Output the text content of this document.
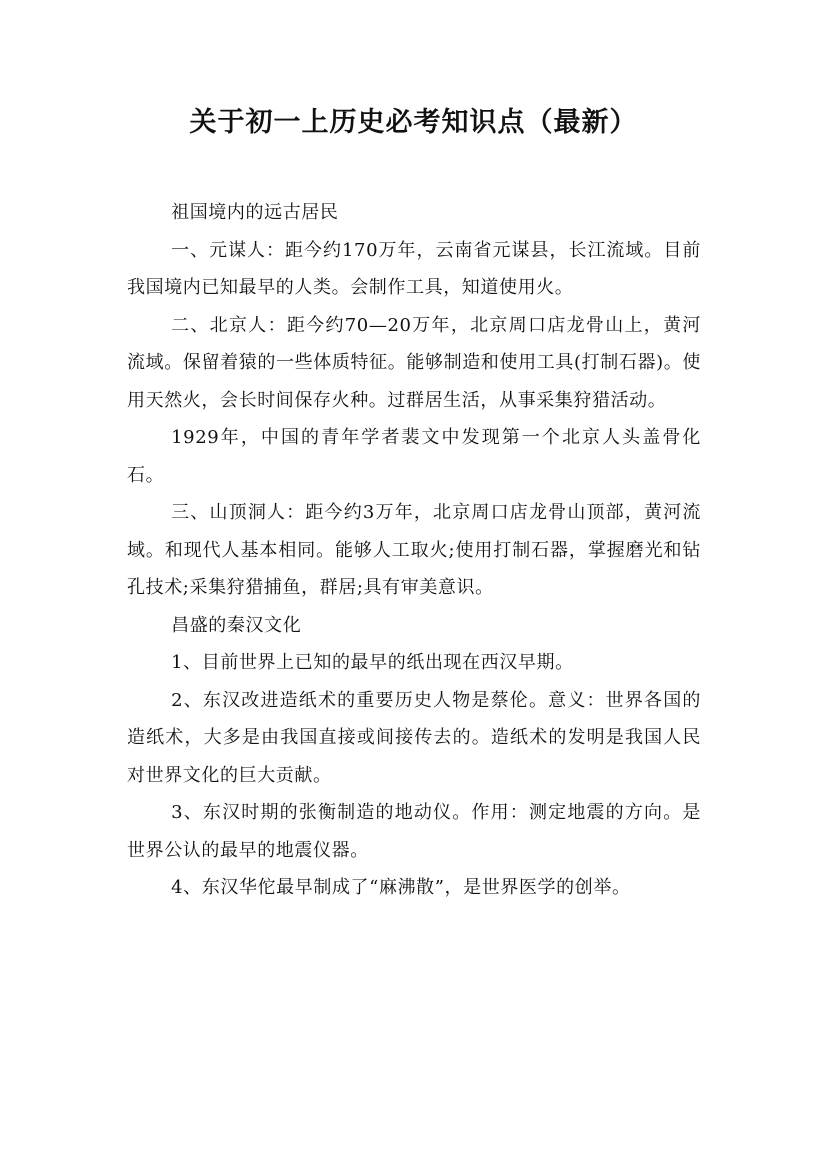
关于初一上历史必考知识点（最新）

祖国境内的远古居民

一、元谋人：距今约170万年，云南省元谋县，长江流域。目前我国境内已知最早的人类。会制作工具，知道使用火。

二、北京人：距今约70—20万年，北京周口店龙骨山上，黄河流域。保留着猿的一些体质特征。能够制造和使用工具(打制石器)。使用天然火，会长时间保存火种。过群居生活，从事采集狩猎活动。

1929年，中国的青年学者裴文中发现第一个北京人头盖骨化石。

三、山顶洞人：距今约3万年，北京周口店龙骨山顶部，黄河流域。和现代人基本相同。能够人工取火;使用打制石器，掌握磨光和钻孔技术;采集狩猎捕鱼，群居;具有审美意识。

昌盛的秦汉文化

1、目前世界上已知的最早的纸出现在西汉早期。

2、东汉改进造纸术的重要历史人物是蔡伦。意义：世界各国的造纸术，大多是由我国直接或间接传去的。造纸术的发明是我国人民对世界文化的巨大贡献。

3、东汉时期的张衡制造的地动仪。作用：测定地震的方向。是世界公认的最早的地震仪器。

4、东汉华佗最早制成了“麻沸散”，是世界医学的创举。
